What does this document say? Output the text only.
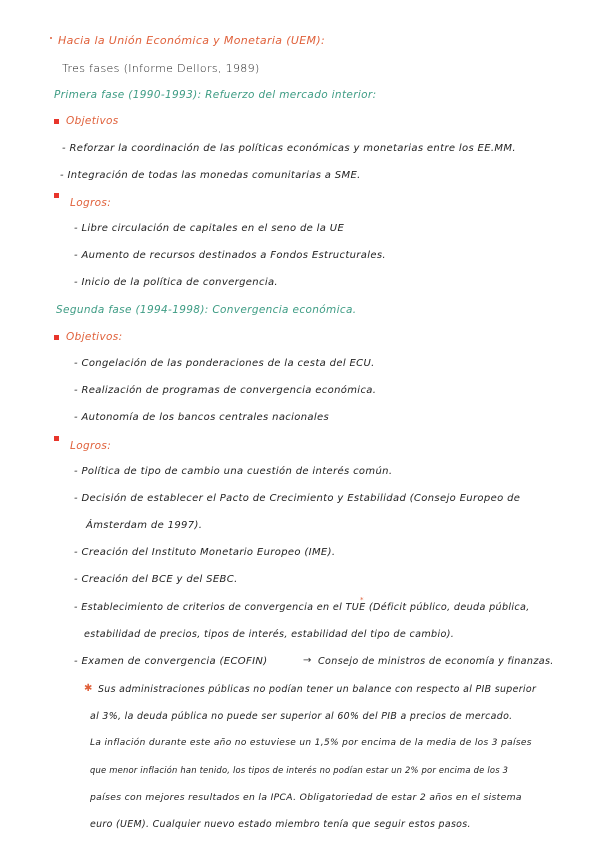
Hacia la Unión Económica y Monetaria (UEM):
Tres fases (Informe Dellors, 1989)
Primera fase (1990-1993): Refuerzo del mercado interior:
Objetivos
- Reforzar la coordinación de las políticas económicas y monetarias entre los EE.MM.
- Integración de todas las monedas comunitarias a SME.
Logros:
- Libre circulación de capitales en el seno de la UE
- Aumento de recursos destinados a Fondos Estructurales.
- Inicio de la política de convergencia.
Segunda fase (1994-1998): Convergencia económica.
Objetivos:
- Congelación de las ponderaciones de la cesta del ECU.
- Realización de programas de convergencia económica.
- Autonomía de los bancos centrales nacionales
Logros:
- Política de tipo de cambio una cuestión de interés común.
- Decisión de establecer el Pacto de Crecimiento y Estabilidad (Consejo Europeo de
Ámsterdam de 1997).
- Creación del Instituto Monetario Europeo (IME).
- Creación del BCE y del SEBC.
*
- Establecimiento de criterios de convergencia en el TUE (Déficit público, deuda pública,
estabilidad de precios, tipos de interés, estabilidad del tipo de cambio).
- Examen de convergencia (ECOFIN)	→ Consejo de ministros de economía y finanzas.
✱ Sus administraciones públicas no podían tener un balance con respecto al PIB superior
al 3%, la deuda pública no puede ser superior al 60% del PIB a precios de mercado.
La inflación durante este año no estuviese un 1,5% por encima de la media de los 3 países
que menor inflación han tenido, los tipos de interés no podían estar un 2% por encima de los 3
países con mejores resultados en la IPCA. Obligatoriedad de estar 2 años en el sistema
euro (UEM). Cualquier nuevo estado miembro tenía que seguir estos pasos.
